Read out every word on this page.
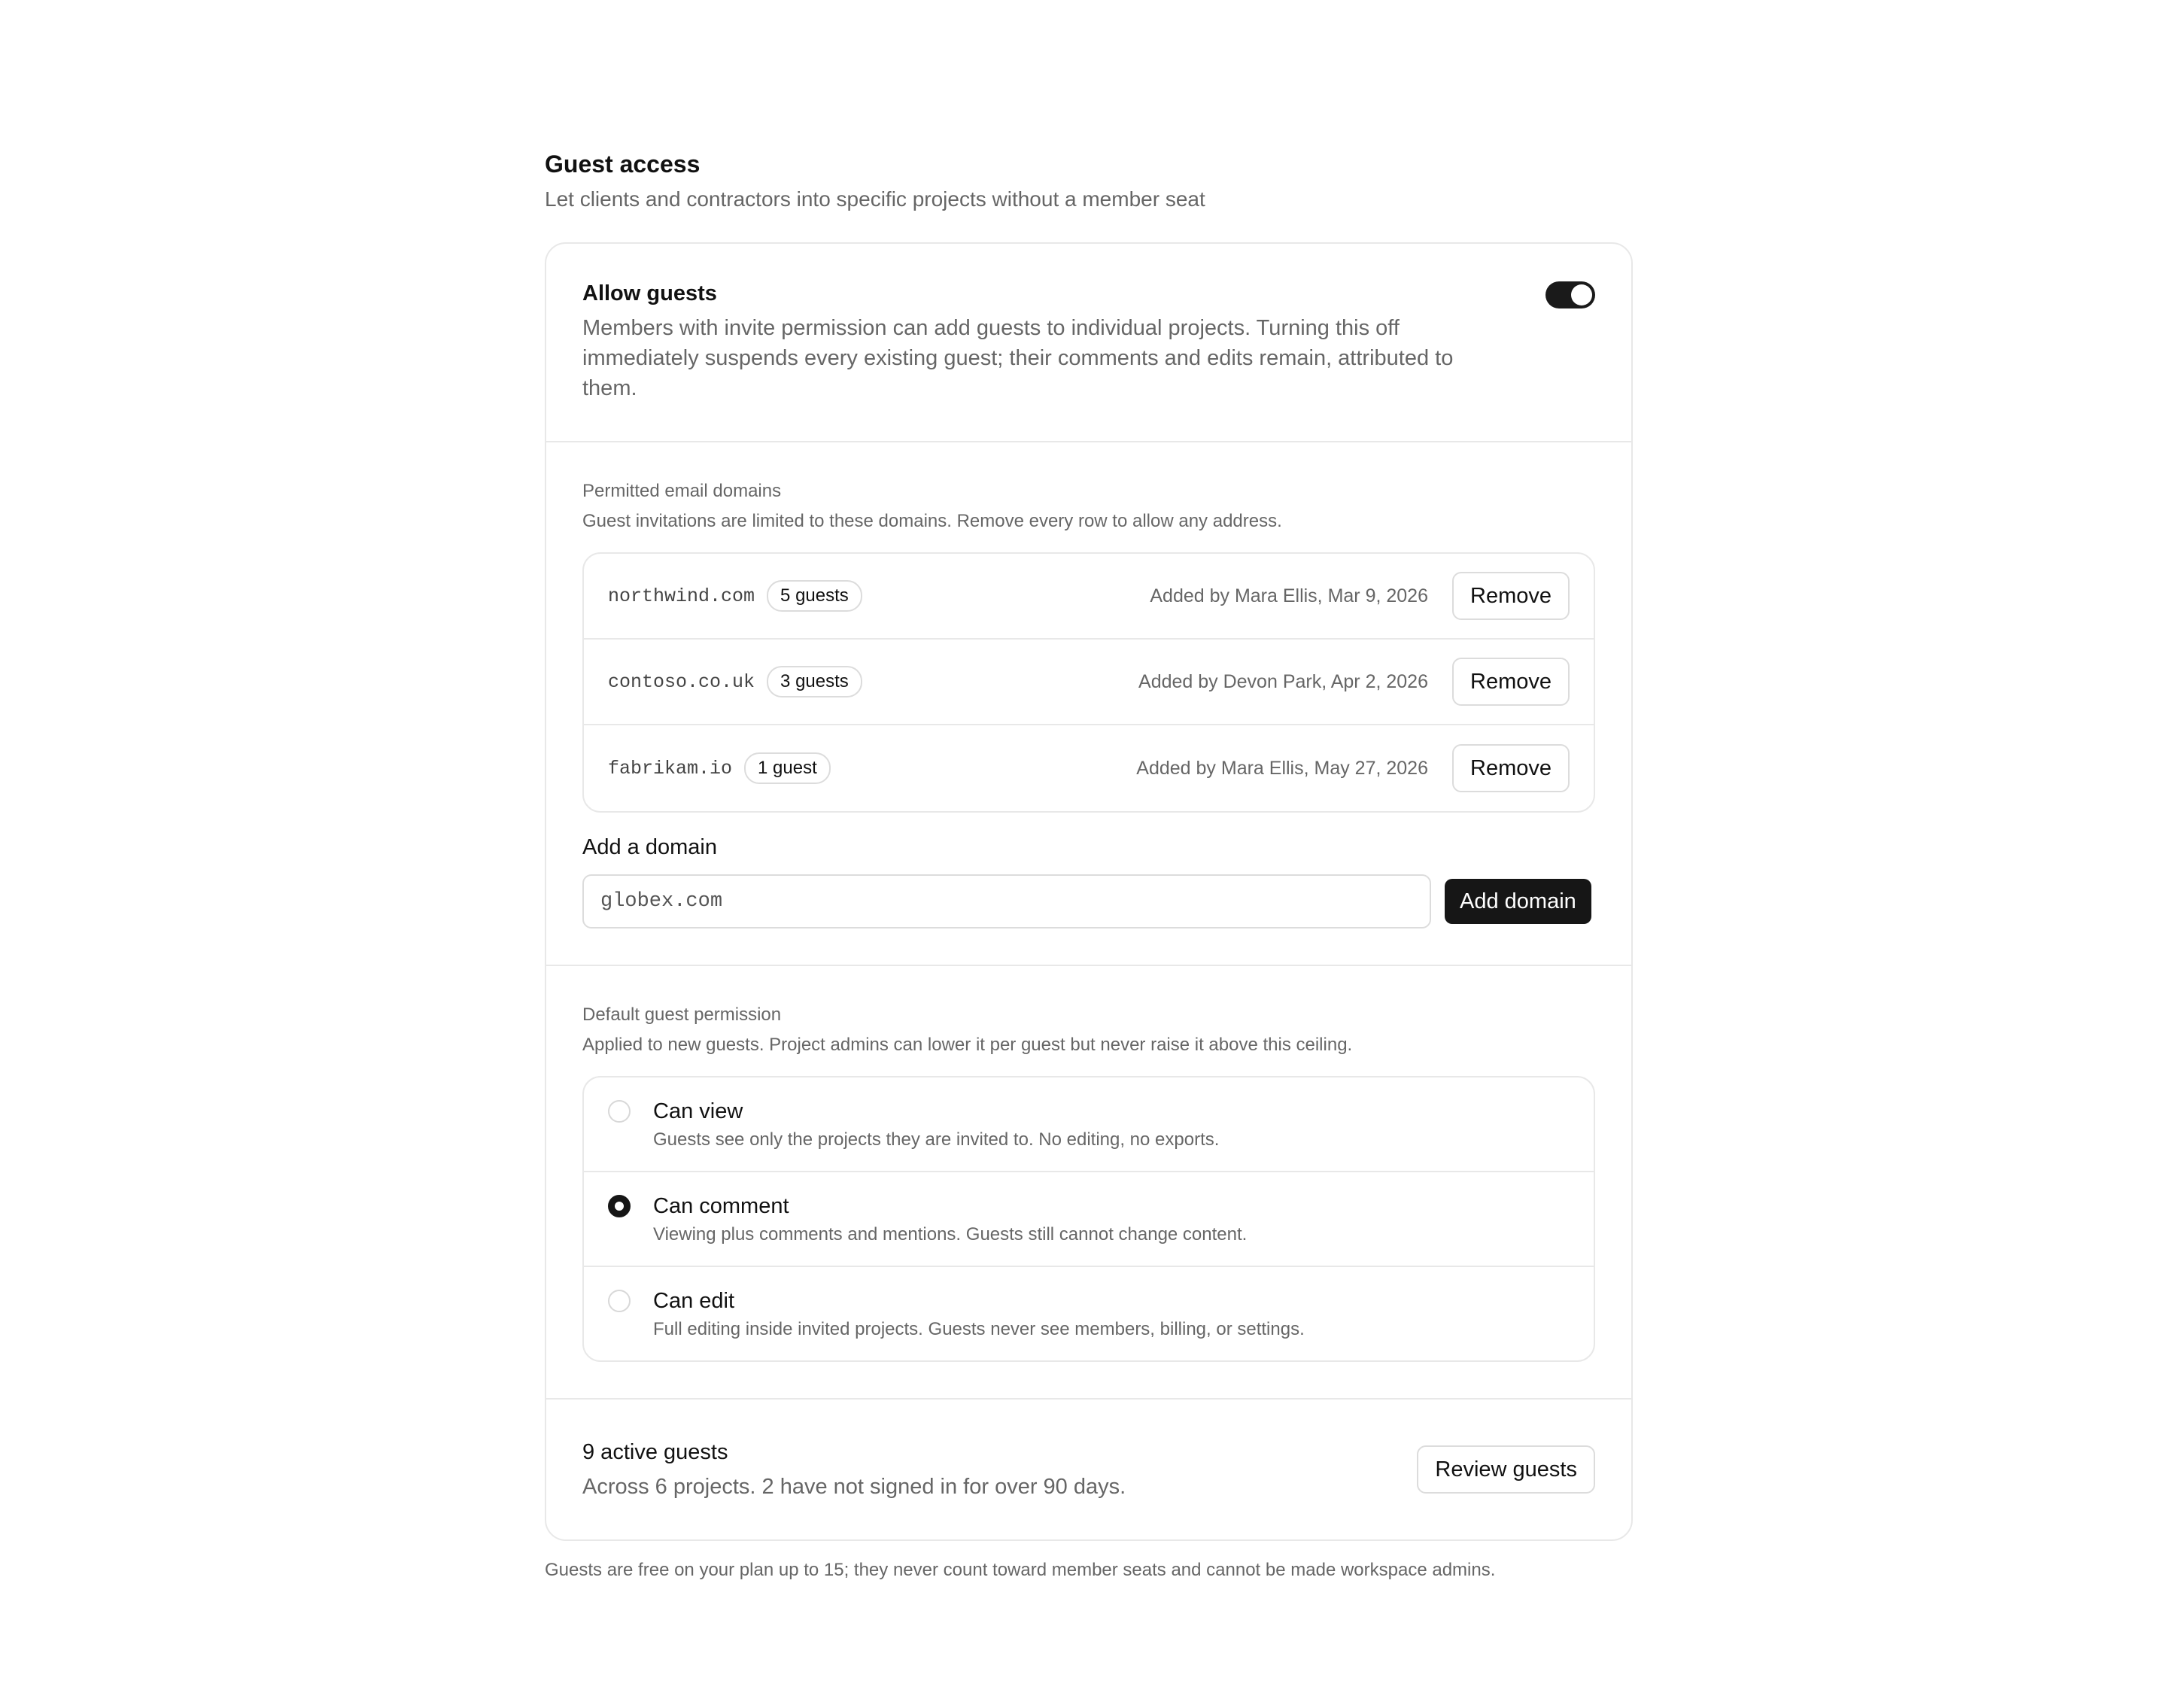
Guest access

Let clients and contractors into specific projects without a member seat

Allow guests

Members with invite permission can add guests to individual projects. Turning this off immediately suspends every existing guest; their comments and edits remain, attributed to them.

Permitted email domains

Guest invitations are limited to these domains. Remove every row to allow any address.

northwind.com	5 guests	Added by Mara Ellis, Mar 9, 2026	Remove
contoso.co.uk	3 guests	Added by Devon Park, Apr 2, 2026	Remove
fabrikam.io	1 guest	Added by Mara Ellis, May 27, 2026	Remove

Add a domain

globex.com
Add domain

Default guest permission

Applied to new guests. Project admins can lower it per guest but never raise it above this ceiling.

Can view

Guests see only the projects they are invited to. No editing, no exports.

Can comment

Viewing plus comments and mentions. Guests still cannot change content.

Can edit

Full editing inside invited projects. Guests never see members, billing, or settings.

9 active guests

Across 6 projects. 2 have not signed in for over 90 days.

Review guests

Guests are free on your plan up to 15; they never count toward member seats and cannot be made workspace admins.
